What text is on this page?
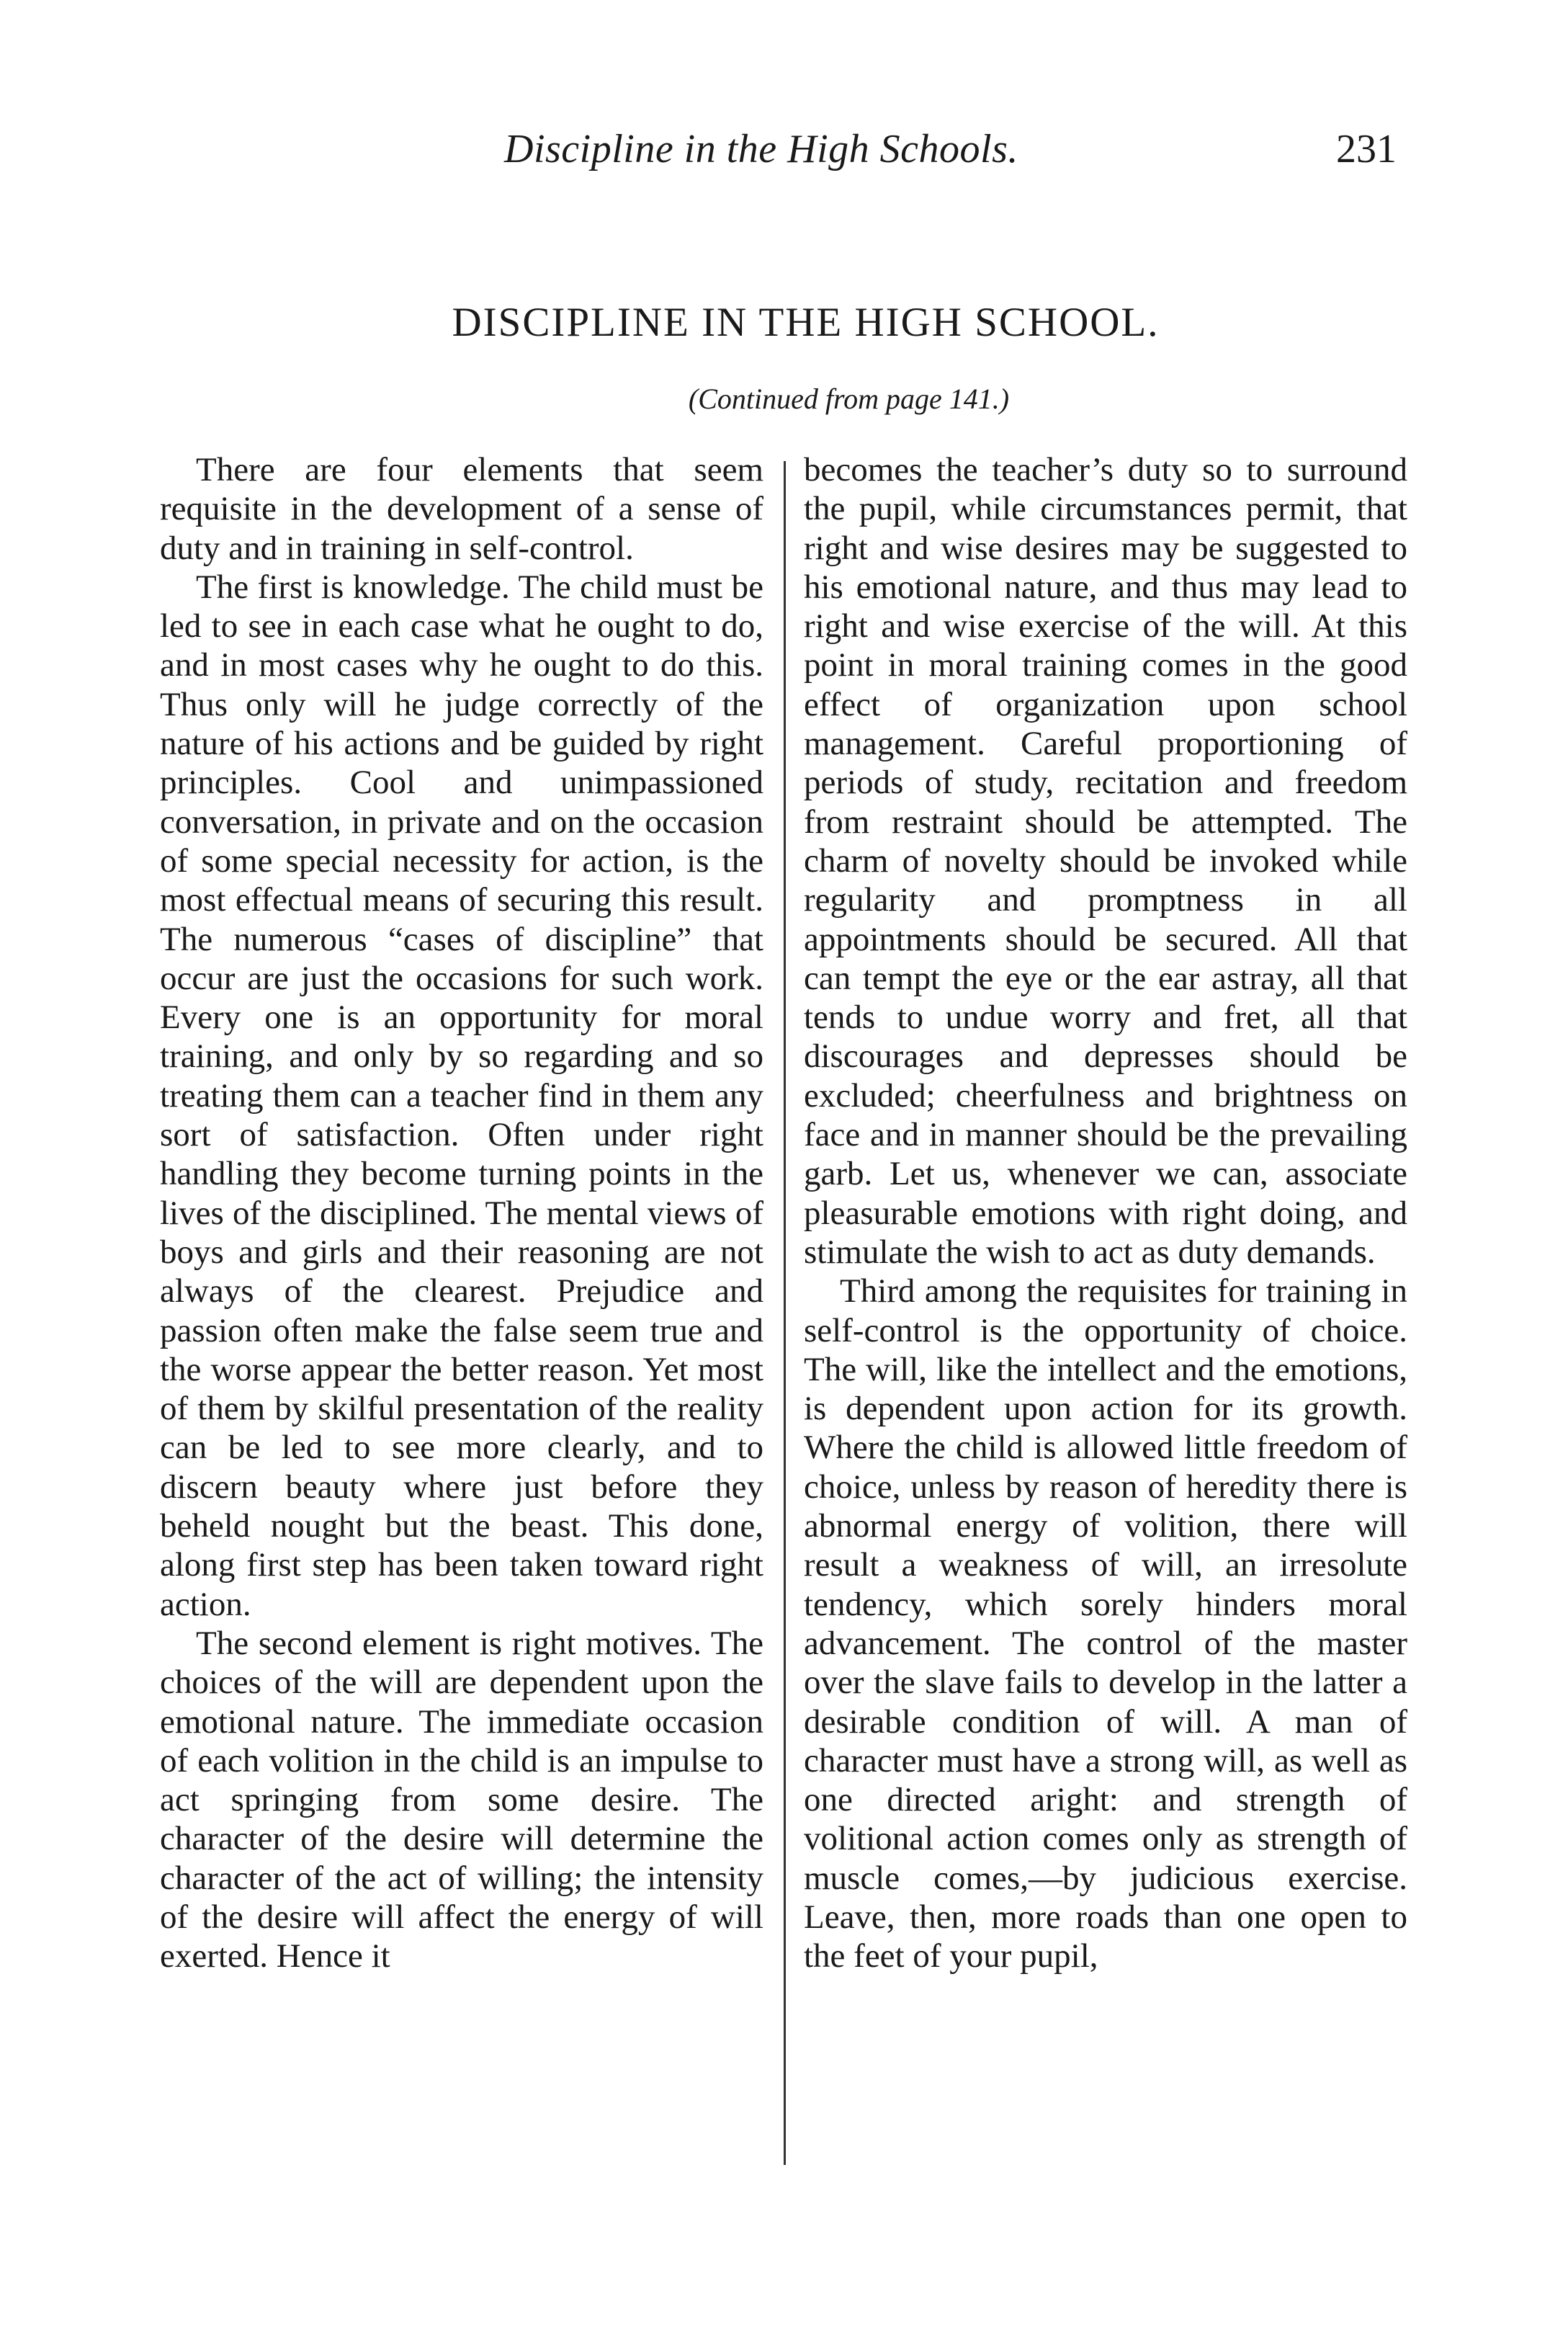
Discipline in the High Schools.	231
DISCIPLINE IN THE HIGH SCHOOL.
(Continued from page 141.)

There are four elements that seem requisite in the development of a sense of duty and in training in self-control.

The first is knowledge. The child must be led to see in each case what he ought to do, and in most cases why he ought to do this. Thus only will he judge correctly of the nature of his actions and be guided by right principles. Cool and unimpassioned conversation, in private and on the occasion of some special necessity for action, is the most effectual means of securing this result. The numerous “cases of discipline” that occur are just the occasions for such work. Every one is an opportunity for moral training, and only by so regarding and so treating them can a teacher find in them any sort of satisfaction. Often under right handling they become turning points in the lives of the disciplined. The mental views of boys and girls and their reasoning are not always of the clearest. Prejudice and passion often make the false seem true and the worse appear the better reason. Yet most of them by skilful presentation of the reality can be led to see more clearly, and to discern beauty where just before they beheld nought but the beast. This done, along first step has been taken toward right action.

The second element is right motives. The choices of the will are dependent upon the emotional nature. The immediate occasion of each volition in the child is an impulse to act springing from some desire. The character of the desire will determine the character of the act of willing; the intensity of the desire will affect the energy of will exerted. Hence it

becomes the teacher’s duty so to surround the pupil, while circumstances permit, that right and wise desires may be suggested to his emotional nature, and thus may lead to right and wise exercise of the will. At this point in moral training comes in the good effect of organization upon school management. Careful proportioning of periods of study, recitation and freedom from restraint should be attempted. The charm of novelty should be invoked while regularity and promptness in all appointments should be secured. All that can tempt the eye or the ear astray, all that tends to undue worry and fret, all that discourages and depresses should be excluded; cheerfulness and brightness on face and in manner should be the prevailing garb. Let us, whenever we can, associate pleasurable emotions with right doing, and stimulate the wish to act as duty demands.

Third among the requisites for training in self-control is the opportunity of choice. The will, like the intellect and the emotions, is dependent upon action for its growth. Where the child is allowed little freedom of choice, unless by reason of heredity there is abnormal energy of volition, there will result a weakness of will, an irresolute tendency, which sorely hinders moral advancement. The control of the master over the slave fails to develop in the latter a desirable condition of will. A man of character must have a strong will, as well as one directed aright: and strength of volitional action comes only as strength of muscle comes,—by judicious exercise. Leave, then, more roads than one open to the feet of your pupil,
